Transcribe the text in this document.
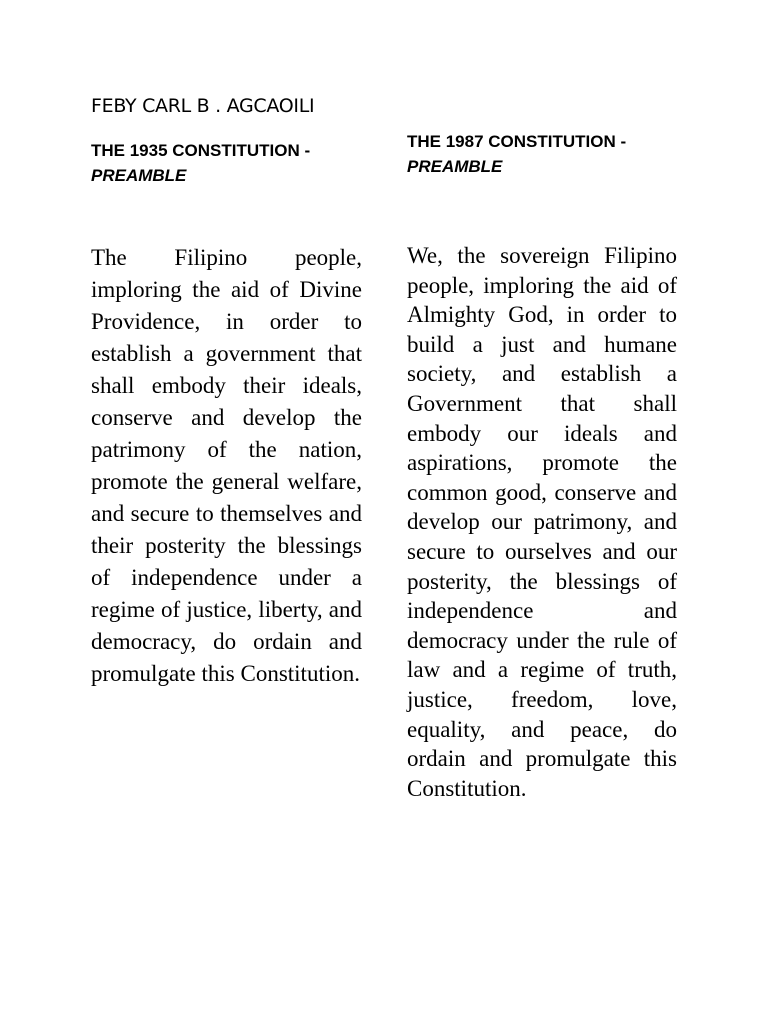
FEBY CARL B . AGCAOILI
THE 1935 CONSTITUTION -
PREAMBLE
THE 1987 CONSTITUTION -
PREAMBLE

The Filipino people, imploring the aid of Divine Providence, in order to establish a government that shall embody their ideals, conserve and develop the patrimony of the nation, promote the general welfare, and secure to themselves and their posterity the blessings of independence under a regime of justice, liberty, and democracy, do ordain and promulgate this Constitution.

We, the sovereign Filipino people, imploring the aid of Almighty God, in order to build a just and humane society, and establish a Government that shall embody our ideals and aspirations, promote the common good, conserve and develop our patrimony, and secure to ourselves and our posterity, the blessings of independence and democracy under the rule of law and a regime of truth, justice, freedom, love, equality, and peace, do ordain and promulgate this Constitution.
